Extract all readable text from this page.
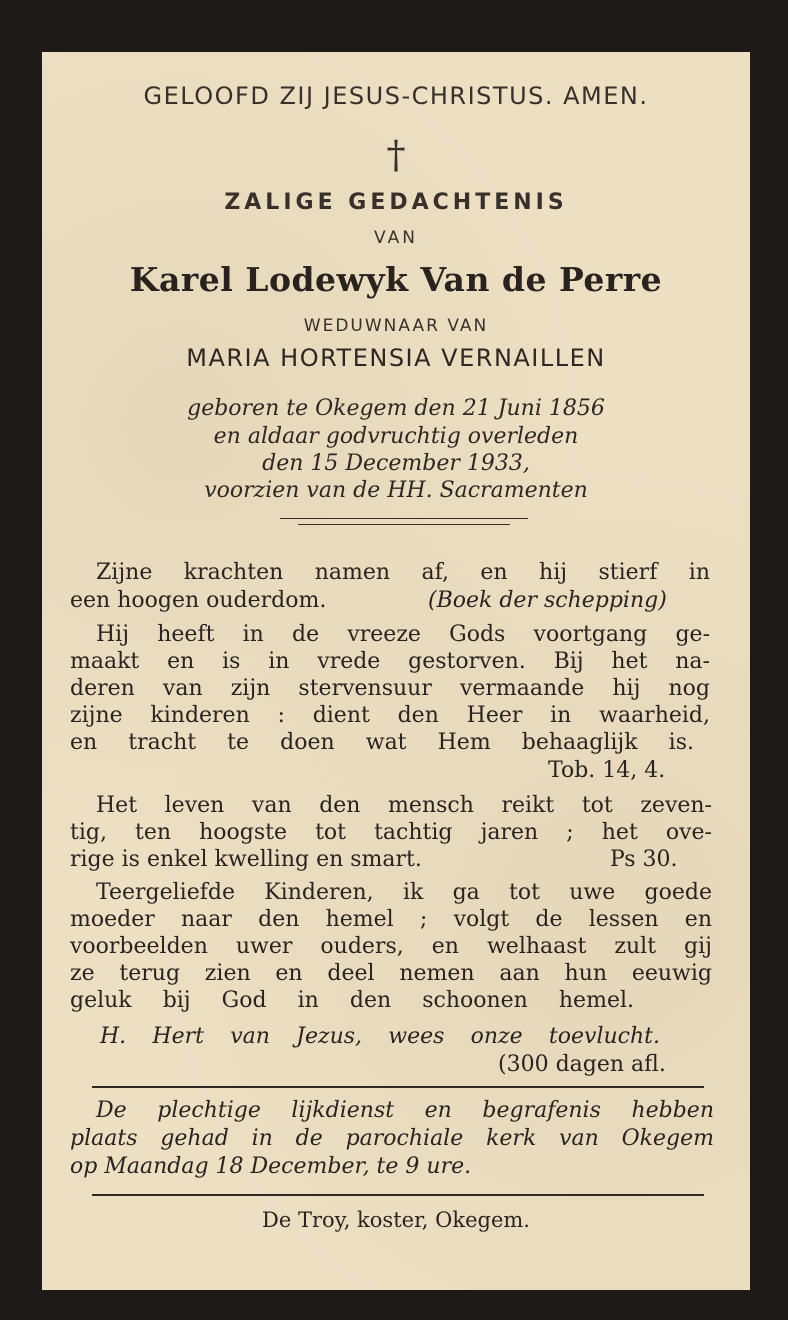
GELOOFD ZIJ JESUS-CHRISTUS. AMEN.
†
ZALIGE GEDACHTENIS
VAN
Karel Lodewyk Van de Perre
WEDUWNAAR VAN
MARIA HORTENSIA VERNAILLEN
geboren te Okegem den 21 Juni 1856
en aldaar godvruchtig overleden
den 15 December 1933,
voorzien van de HH. Sacramenten
Zijne krachten namen af, en hij stierf in
een hoogen ouderdom.	(Boek der schepping)
Hij heeft in de vreeze Gods voortgang ge-
maakt en is in vrede gestorven. Bij het na-
deren van zijn stervensuur vermaande hij nog
zijne kinderen : dient den Heer in waarheid,
en tracht te doen wat Hem behaaglijk is.
Tob. 14, 4.
Het leven van den mensch reikt tot zeven-
tig, ten hoogste tot tachtig jaren ; het ove-
rige is enkel kwelling en smart.	Ps 30.
Teergeliefde Kinderen, ik ga tot uwe goede
moeder naar den hemel ; volgt de lessen en
voorbeelden uwer ouders, en welhaast zult gij
ze terug zien en deel nemen aan hun eeuwig
geluk bij God in den schoonen hemel.
H. Hert van Jezus, wees onze toevlucht.
(300 dagen afl.
De plechtige lijkdienst en begrafenis hebben
plaats gehad in de parochiale kerk van Okegem
op Maandag 18 December, te 9 ure.
De Troy, koster, Okegem.
